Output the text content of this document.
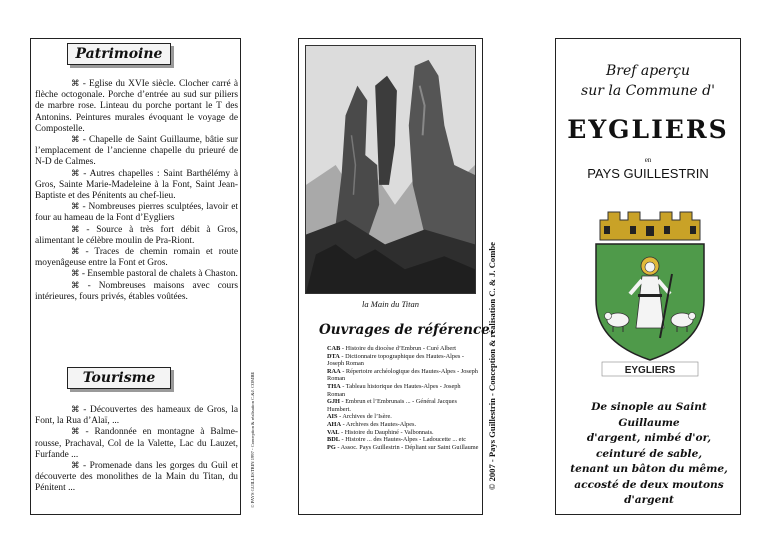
Patrimoine

⌘ - Eglise du XVIe siècle. Clocher carré à flèche octogonale. Porche d’entrée au sud sur piliers de marbre rose. Linteau du porche portant le T des Antonins. Peintures murales évoquant le voyage de Compostelle.

⌘ - Chapelle de Saint Guillaume, bâtie sur l’emplacement de l’ancienne chapelle du prieuré de N-D de Calmes.

⌘ - Autres chapelles : Saint Barthélémy à Gros, Sainte Marie-Madeleine à la Font, Saint Jean-Baptiste et des Pénitents au chef-lieu.

⌘ - Nombreuses pierres sculptées, lavoir et four au hameau de la Font d’Eygliers

⌘ - Source à très fort débit à Gros, alimentant le célèbre moulin de Pra-Riont.

⌘ - Traces de chemin romain et route moyenâgeuse entre la Font et Gros.

⌘ - Ensemble pastoral de chalets à Chaston.

⌘ - Nombreuses maisons avec cours intérieures, fours privés, étables voûtées.

Tourisme

⌘ - Découvertes des hameaux de Gros, la Font, la Rua d’Alaï, ...

⌘ - Randonnée en montagne à Balme-rousse, Prachaval, Col de la Valette, Lac du Lauzet, Furfande ...

⌘ - Promenade dans les gorges du Guil et découverte des monolithes de la Main du Titan, du Pénitent ...	© PAYS GUILLESTRIN 1997 - Conception & réalisation C.&J. COMBE
la Main du Titan
Ouvrages de référence.
CAB - Histoire du diocèse d’Embrun - Curé Albert
DTA - Dictionnaire topographique des Hautes-Alpes - Joseph Roman
RAA - Répertoire archéologique des Hautes-Alpes - Joseph Roman
THA - Tableau historique des Hautes-Alpes - Joseph Roman
GJH - Embrun et l’Embrunais ... - Général Jacques Humbert.
AIS - Archives de l’Isère.
AHA - Archives des Hautes-Alpes.
VAL - Histoire du Dauphiné - Valbonnais.
BDL - Histoire ... des Hautes-Alpes - Ladoucette ... etc
PG - Assoc. Pays Guillestrin - Dépliant sur Saint Guillaume © 2007 - Pays Guillestrin - Conception & réalisation C. & J. Combe
Bref aperçu
sur la Commune d'
EYGLIERS
en
PAYS GUILLESTRIN
EYGLIERS
De sinople au Saint Guillaume
d'argent, nimbé d'or,
ceinturé de sable,
tenant un bâton du même,
accosté de deux moutons
d'argent
